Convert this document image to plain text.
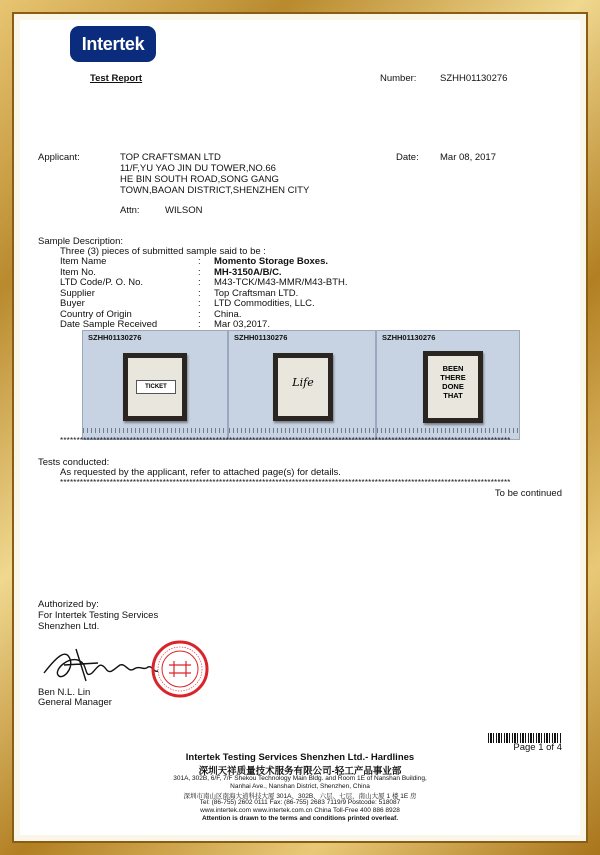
Intertek
Test Report	Number: SZHH01130276
Applicant:	TOP CRAFTSMAN LTD
11/F,YU YAO JIN DU TOWER,NO.66
HE BIN SOUTH ROAD,SONG GANG
TOWN,BAOAN DISTRICT,SHENZHEN CITY
Date: Mar 08, 2017
Attn:	WILSON
Sample Description:
Three (3) pieces of submitted sample said to be :
Item Name	: Momento Storage Boxes.
Item No.	: MH-3150A/B/C.
LTD Code/P. O. No.	: M43-TCK/M43-MMR/M43-BTH.
Supplier	: Top Craftsman LTD.
Buyer	: LTD Commodities, LLC.
Country of Origin	: China.
Date Sample Received	: Mar 03,2017.
SZHH01130276
TICKET
SZHH01130276
Life
SZHH01130276
BEEN THERE DONE THAT
****************************************************************************************************************************************
Tests conducted:
As requested by the applicant, refer to attached page(s) for details.
****************************************************************************************************************************************
To be continued
Authorized by:
For Intertek Testing Services
Shenzhen Ltd.
Ben N.L. Lin
General Manager
Page 1 of 4
Intertek Testing Services Shenzhen Ltd.- Hardlines
深圳天祥质量技术服务有限公司-轻工产品事业部
301A, 302B, 6/F, 7/F Shekou Technology Main Bldg. and Room 1E of Nanshan Building,
Nanhai Ave., Nanshan District, Shenzhen, China
深圳市南山区南海大道科技大厦 301A、302B、六层、七层，南山大厦 1 楼 1E 房
Tel: (86-755) 2602 0111 Fax: (86-755) 2683 7119/9 Postcode: 518087
www.intertek.com www.intertek.com.cn China Toll-Free 400 886 8928
Attention is drawn to the terms and conditions printed overleaf.
